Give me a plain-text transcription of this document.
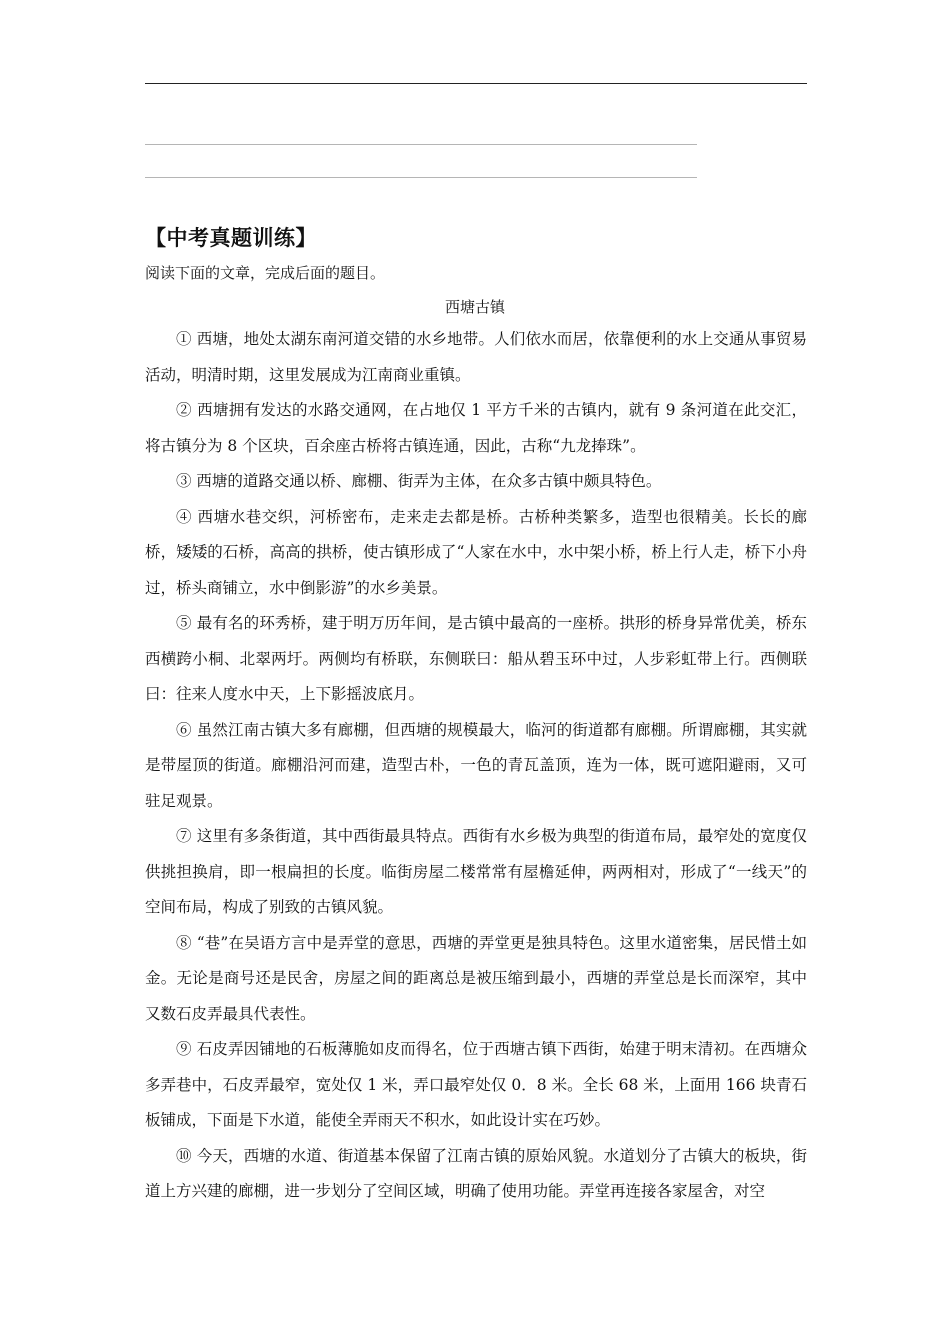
【中考真题训练】
阅读下面的文章，完成后面的题目。
西塘古镇

① 西塘，地处太湖东南河道交错的水乡地带。人们依水而居，依靠便利的水上交通从事贸易活动，明清时期，这里发展成为江南商业重镇。

② 西塘拥有发达的水路交通网，在占地仅 1 平方千米的古镇内，就有 9 条河道在此交汇，将古镇分为 8 个区块，百余座古桥将古镇连通，因此，古称“九龙捧珠”。

③ 西塘的道路交通以桥、廊棚、街弄为主体，在众多古镇中颇具特色。

④ 西塘水巷交织，河桥密布，走来走去都是桥。古桥种类繁多，造型也很精美。长长的廊桥，矮矮的石桥，高高的拱桥，使古镇形成了“人家在水中，水中架小桥，桥上行人走，桥下小舟过，桥头商铺立，水中倒影游”的水乡美景。

⑤ 最有名的环秀桥，建于明万历年间，是古镇中最高的一座桥。拱形的桥身异常优美，桥东西横跨小桐、北翠两圩。两侧均有桥联，东侧联曰：船从碧玉环中过，人步彩虹带上行。西侧联曰：往来人度水中天，上下影摇波底月。

⑥ 虽然江南古镇大多有廊棚，但西塘的规模最大，临河的街道都有廊棚。所谓廊棚，其实就是带屋顶的街道。廊棚沿河而建，造型古朴，一色的青瓦盖顶，连为一体，既可遮阳避雨，又可驻足观景。

⑦ 这里有多条街道，其中西街最具特点。西街有水乡极为典型的街道布局，最窄处的宽度仅供挑担换肩，即一根扁担的长度。临街房屋二楼常常有屋檐延伸，两两相对，形成了“一线天”的空间布局，构成了别致的古镇风貌。

⑧ “巷”在吴语方言中是弄堂的意思，西塘的弄堂更是独具特色。这里水道密集，居民惜土如金。无论是商号还是民舍，房屋之间的距离总是被压缩到最小，西塘的弄堂总是长而深窄，其中又数石皮弄最具代表性。

⑨ 石皮弄因铺地的石板薄脆如皮而得名，位于西塘古镇下西街，始建于明末清初。在西塘众多弄巷中，石皮弄最窄，宽处仅 1 米，弄口最窄处仅 0．8 米。全长 68 米，上面用 166 块青石板铺成，下面是下水道，能使全弄雨天不积水，如此设计实在巧妙。

⑩ 今天，西塘的水道、街道基本保留了江南古镇的原始风貌。水道划分了古镇大的板块，街道上方兴建的廊棚，进一步划分了空间区域，明确了使用功能。弄堂再连接各家屋舍，对空
